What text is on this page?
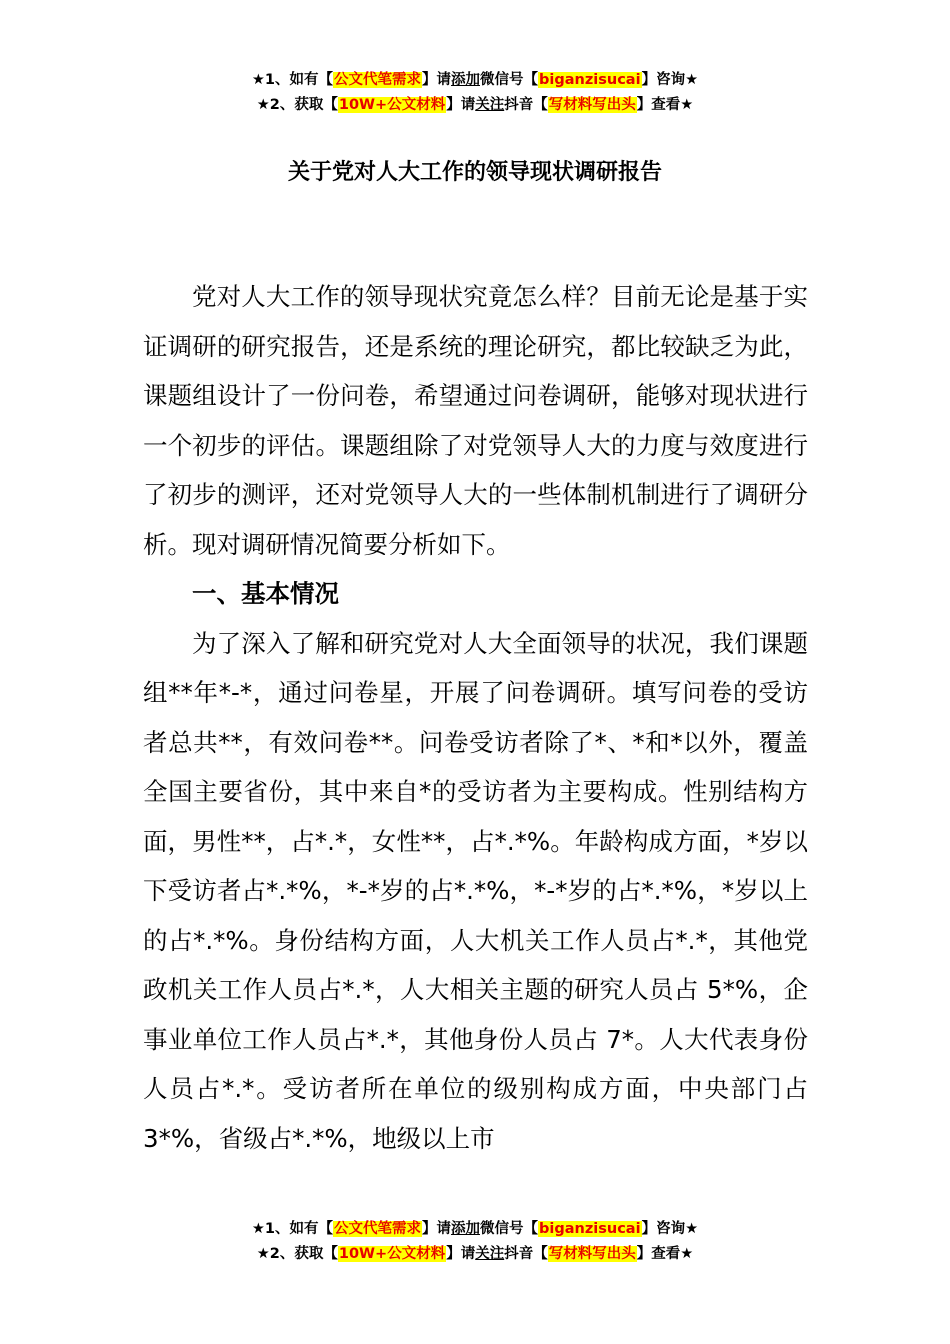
★1、如有【公文代笔需求】请添加微信号【biganzisucai】咨询★
★2、获取【10W+公文材料】请关注抖音【写材料写出头】查看★
关于党对人大工作的领导现状调研报告

党对人大工作的领导现状究竟怎么样？目前无论是基于实证调研的研究报告，还是系统的理论研究，都比较缺乏为此，课题组设计了一份问卷，希望通过问卷调研，能够对现状进行一个初步的评估。课题组除了对党领导人大的力度与效度进行了初步的测评，还对党领导人大的一些体制机制进行了调研分析。现对调研情况简要分析如下。

一、基本情况

为了深入了解和研究党对人大全面领导的状况，我们课题组**年*-*，通过问卷星，开展了问卷调研。填写问卷的受访者总共**，有效问卷**。问卷受访者除了*、*和*以外，覆盖全国主要省份，其中来自*的受访者为主要构成。性别结构方面，男性**，占*.*，女性**，占*.*%。年龄构成方面，*岁以下受访者占*.*%，*-*岁的占*.*%，*-*岁的占*.*%，*岁以上的占*.*%。身份结构方面，人大机关工作人员占*.*，其他党政机关工作人员占*.*，人大相关主题的研究人员占 5*%，企事业单位工作人员占*.*，其他身份人员占 7*。人大代表身份人员占*.*。受访者所在单位的级别构成方面，中央部门占 3*%，省级占*.*%，地级以上市

★1、如有【公文代笔需求】请添加微信号【biganzisucai】咨询★
★2、获取【10W+公文材料】请关注抖音【写材料写出头】查看★
